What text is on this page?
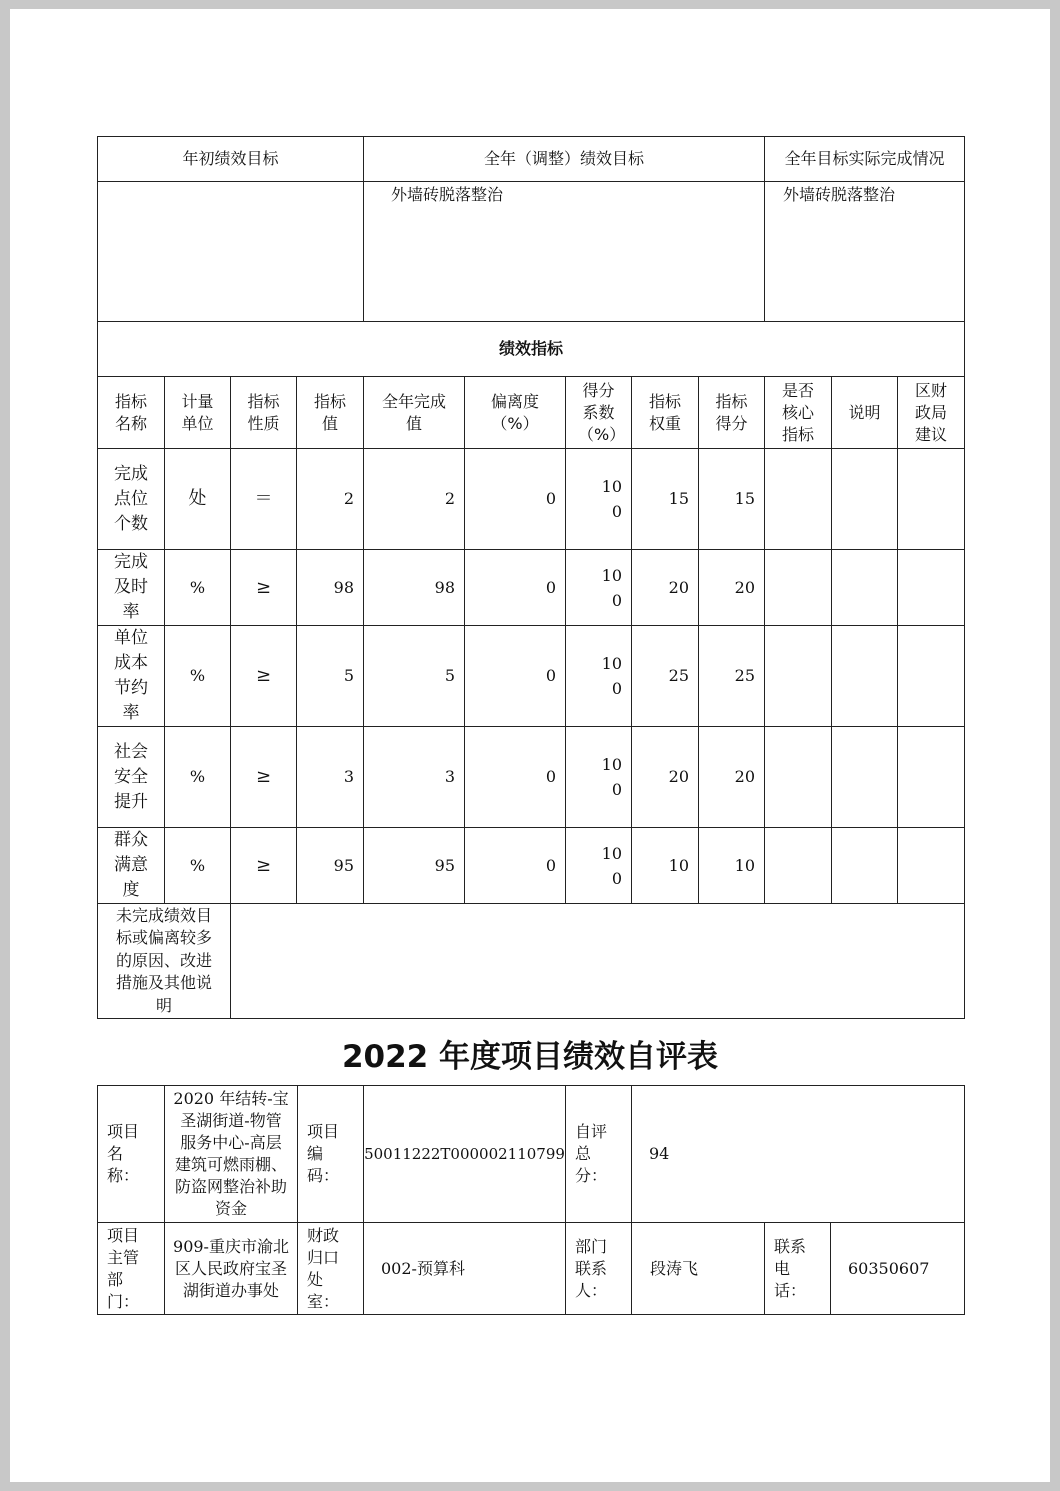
年初绩效目标				全年（调整）绩效目标					全年目标实际完成情况		
				外墙砖脱落整治					外墙砖脱落整治		
绩效指标											
指标名称	计量单位	指标性质	指标值	全年完成值	偏离度（%）	得分系数（%）	指标权重	指标得分	是否核心指标	说明	区财政局建议
完成点位个数	处	＝	2	2	0	100	15	15			
完成及时率	%	≥	98	98	0	100	20	20			
单位成本节约率	%	≥	5	5	0	100	25	25			
社会安全提升	%	≥	3	3	0	100	20	20			
群众满意度	%	≥	95	95	0	100	10	10			
未完成绩效目标或偏离较多的原因、改进措施及其他说明											
2022 年度项目绩效自评表
项目名称：	2020 年结转-宝圣湖街道-物管服务中心-高层建筑可燃雨棚、防盗网整治补助资金	项目编码：	50011222T000002110799	自评总分：	94		
项目主管部门：	909-重庆市渝北区人民政府宝圣湖街道办事处	财政归口处室：	002-预算科	部门联系人：	段涛飞	联系电话：	60350607
